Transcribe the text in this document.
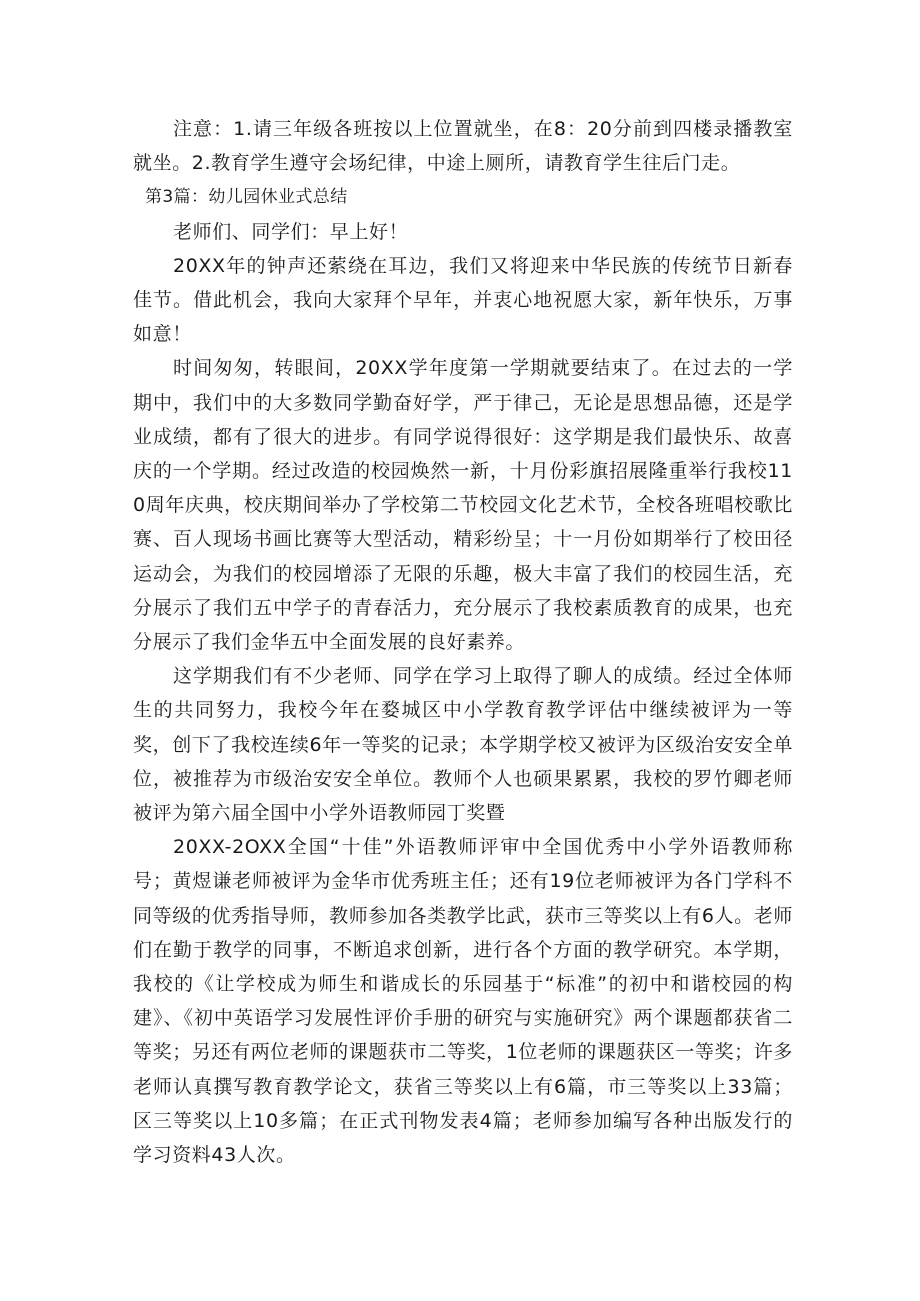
注意：1.请三年级各班按以上位置就坐，在8：20分前到四楼录播教室就坐。2.教育学生遵守会场纪律，中途上厕所，请教育学生往后门走。

第3篇：幼儿园休业式总结

老师们、同学们：早上好！

20XX年的钟声还萦绕在耳边，我们又将迎来中华民族的传统节日新春佳节。借此机会，我向大家拜个早年，并衷心地祝愿大家，新年快乐，万事如意！

时间匆匆，转眼间，20XX学年度第一学期就要结束了。在过去的一学期中，我们中的大多数同学勤奋好学，严于律己，无论是思想品德，还是学业成绩，都有了很大的进步。有同学说得很好：这学期是我们最快乐、故喜庆的一个学期。经过改造的校园焕然一新，十月份彩旗招展隆重举行我校110周年庆典，校庆期间举办了学校第二节校园文化艺术节，全校各班唱校歌比赛、百人现场书画比赛等大型活动，精彩纷呈；十一月份如期举行了校田径运动会，为我们的校园增添了无限的乐趣，极大丰富了我们的校园生活，充分展示了我们五中学子的青春活力，充分展示了我校素质教育的成果，也充分展示了我们金华五中全面发展的良好素养。

这学期我们有不少老师、同学在学习上取得了聊人的成绩。经过全体师生的共同努力，我校今年在婺城区中小学教育教学评估中继续被评为一等奖，创下了我校连续6年一等奖的记录；本学期学校又被评为区级治安安全单位，被推荐为市级治安安全单位。教师个人也硕果累累，我校的罗竹卿老师被评为第六届全国中小学外语教师园丁奖暨

20XX-2OXX全国“十佳”外语教师评审中全国优秀中小学外语教师称号；黄煜谦老师被评为金华市优秀班主任；还有19位老师被评为各门学科不同等级的优秀指导师，教师参加各类教学比武，获市三等奖以上有6人。老师们在勤于教学的同事，不断追求创新，进行各个方面的教学研究。本学期，我校的《让学校成为师生和谐成长的乐园基于“标准”的初中和谐校园的构建》、《初中英语学习发展性评价手册的研究与实施研究》两个课题都获省二等奖；另还有两位老师的课题获市二等奖，1位老师的课题获区一等奖；许多老师认真撰写教育教学论文，获省三等奖以上有6篇，市三等奖以上33篇；区三等奖以上10多篇；在正式刊物发表4篇；老师参加编写各种出版发行的学习资料43人次。
